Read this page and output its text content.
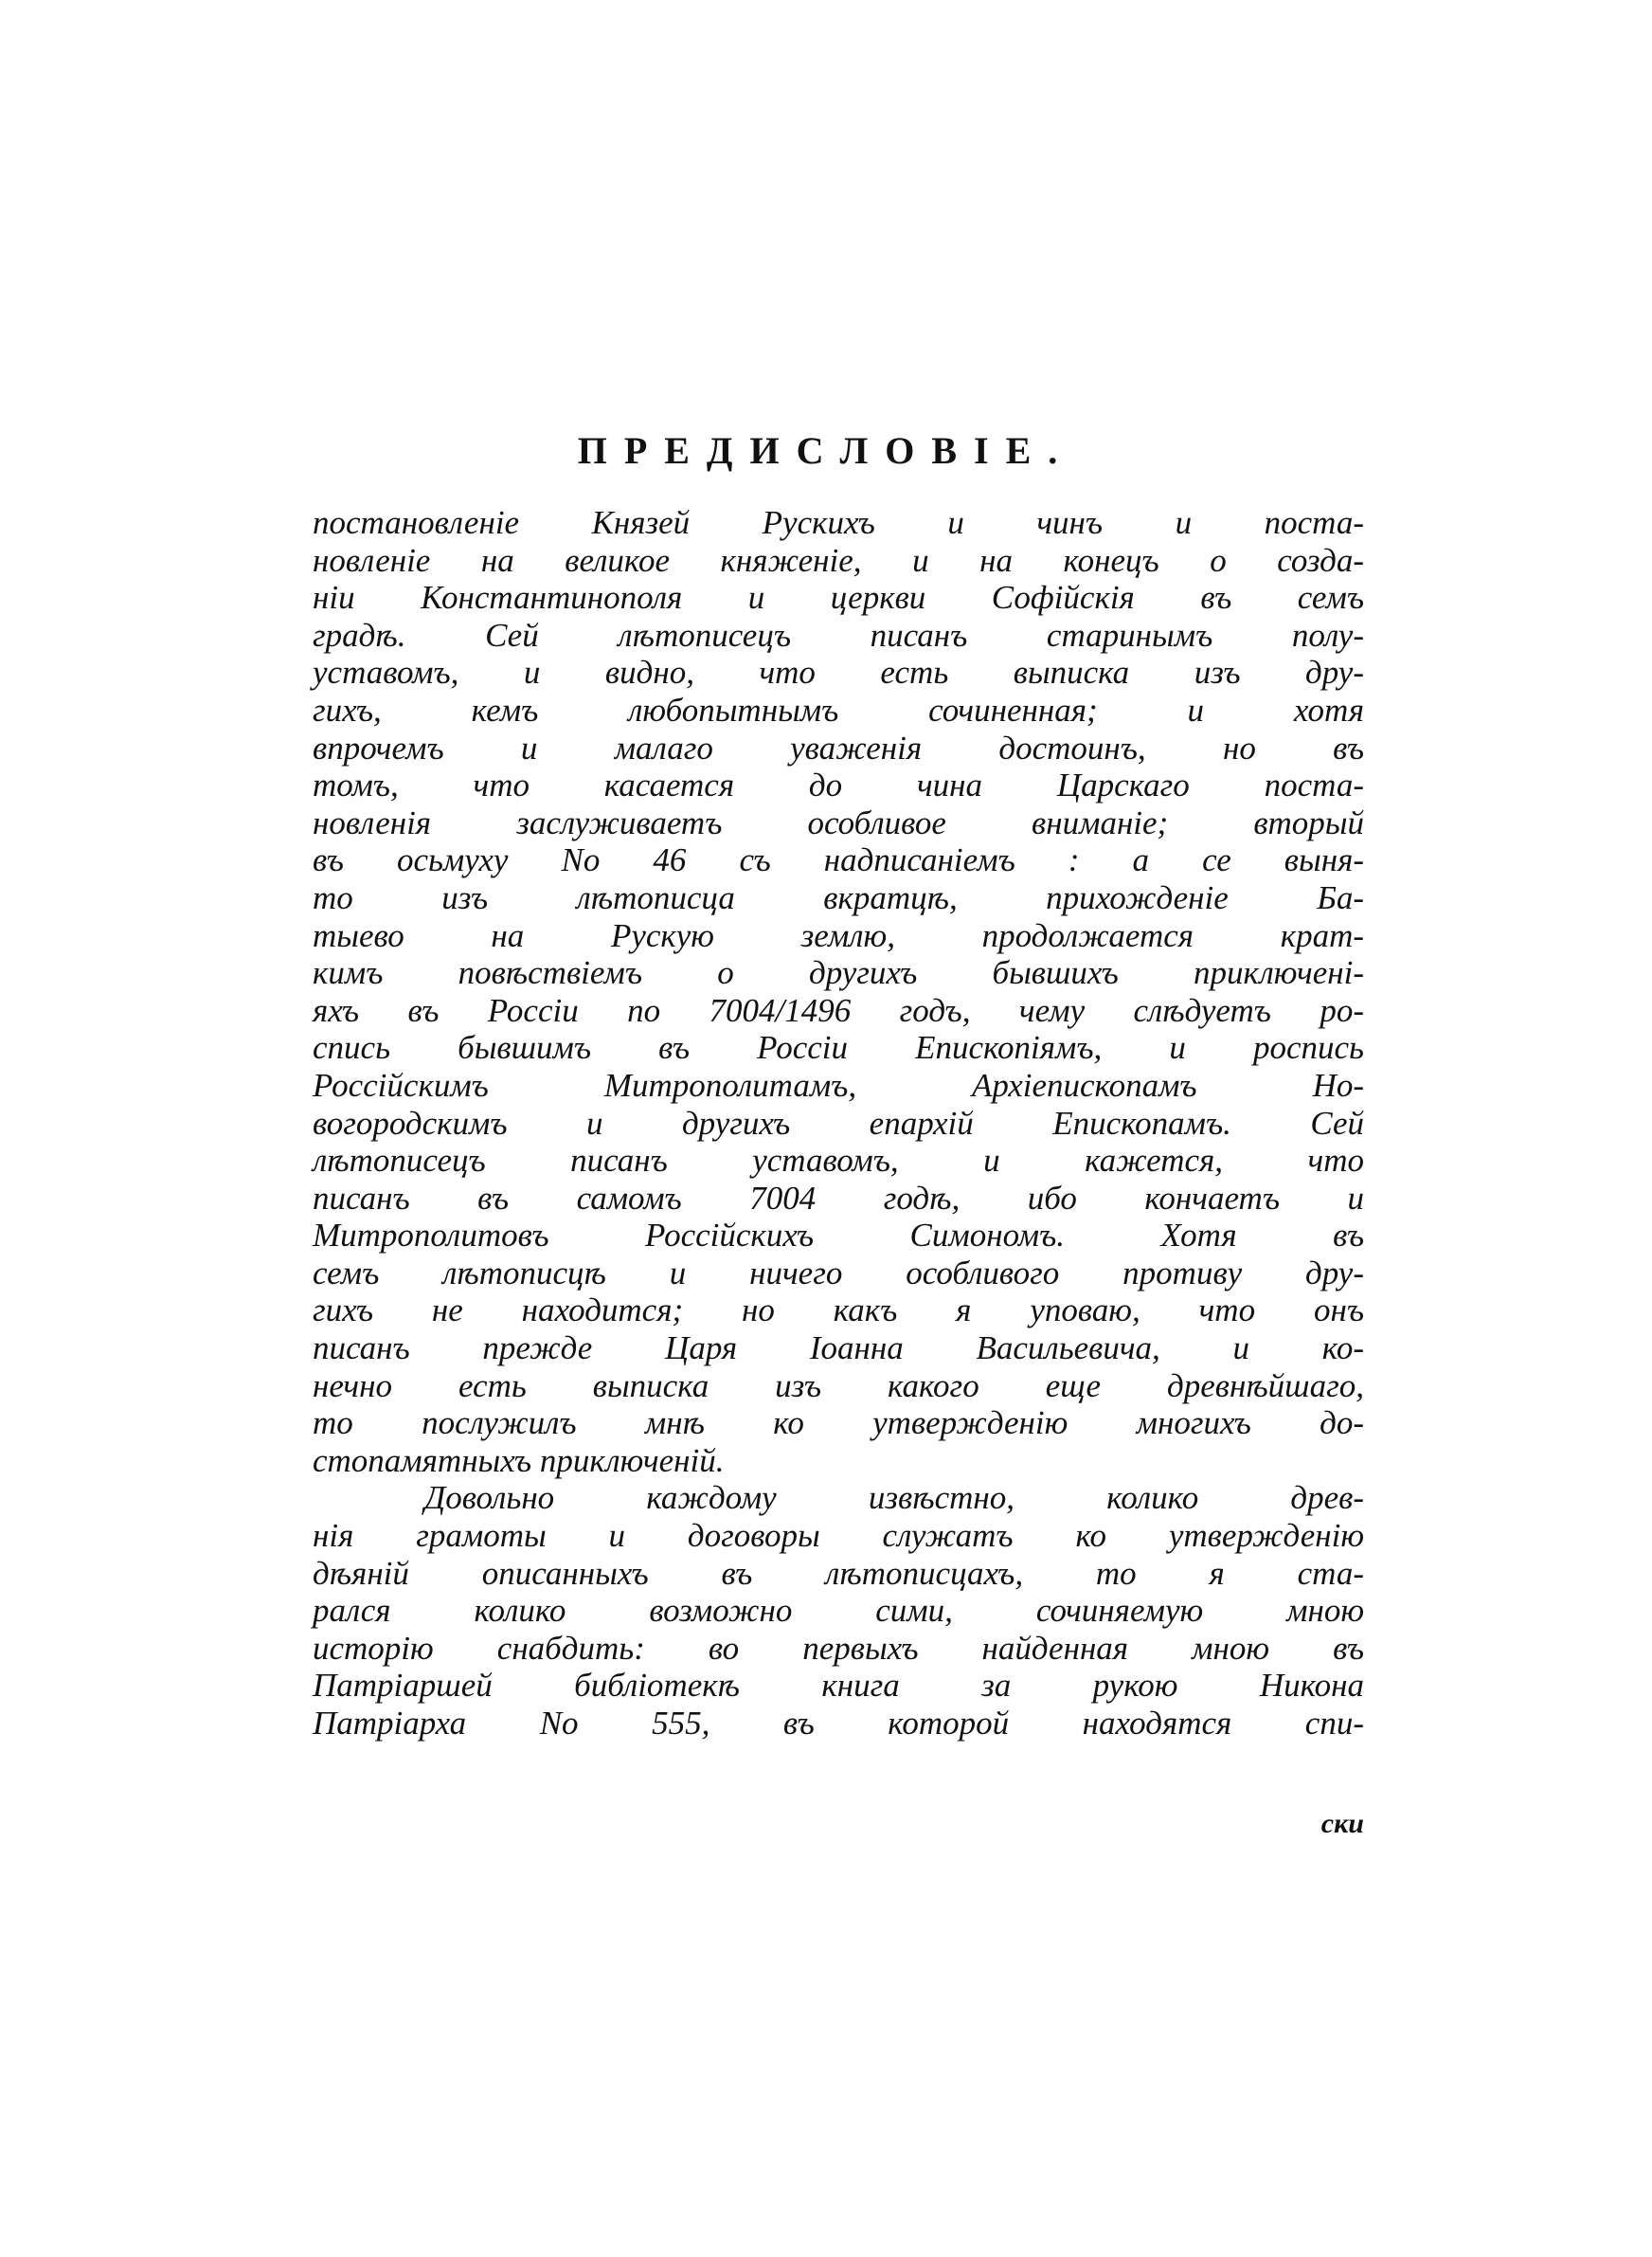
ПРЕДИСЛОВІЕ.
постановленіе Князей Рускихъ и чинъ и поста-
новленіе на великое княженіе, и на конецъ о созда-
ніи Константинополя и церкви Софійскія въ семъ
градѣ. Сей лѣтописецъ писанъ старинымъ полу-
уставомъ, и видно, что есть выписка изъ дру-
гихъ, кемъ любопытнымъ сочиненная; и хотя
впрочемъ и малаго уваженія достоинъ, но въ
томъ, что касается до чина Царскаго поста-
новленія заслуживаетъ особливое вниманіе; вторый
въ осьмуху No 46 съ надписаніемъ : а се выня-
то изъ лѣтописца вкратцѣ, прихожденіе Ба-
тыево на Рускую землю, продолжается крат-
кимъ повѣствіемъ о другихъ бывшихъ приключені-
яхъ въ Россіи по 7004/1496 годъ, чему слѣдуетъ ро-
спись бывшимъ въ Россіи Епископіямъ, и роспись
Россійскимъ Митрополитамъ, Архіепископамъ Но-
вогородскимъ и другихъ епархій Епископамъ. Сей
лѣтописецъ писанъ уставомъ, и кажется, что
писанъ въ самомъ 7004 годѣ, ибо кончаетъ и
Митрополитовъ Россійскихъ Симономъ. Хотя въ
семъ лѣтописцѣ и ничего особливого противу дру-
гихъ не находится; но какъ я уповаю, что онъ
писанъ прежде Царя Іоанна Васильевича, и ко-
нечно есть выписка изъ какого еще древнѣйшаго,
то послужилъ мнѣ ко утвержденію многихъ до-
стопамятныхъ приключеній.
Довольно каждому извѣстно, колико древ-
нія грамоты и договоры служатъ ко утвержденію
дѣяній описанныхъ въ лѣтописцахъ, то я ста-
рался колико возможно сими, сочиняемую мною
исторію снабдить: во первыхъ найденная мною въ
Патріаршей библіотекѣ книга за рукою Никона
Патріарха No 555, въ которой находятся спи-
ски
